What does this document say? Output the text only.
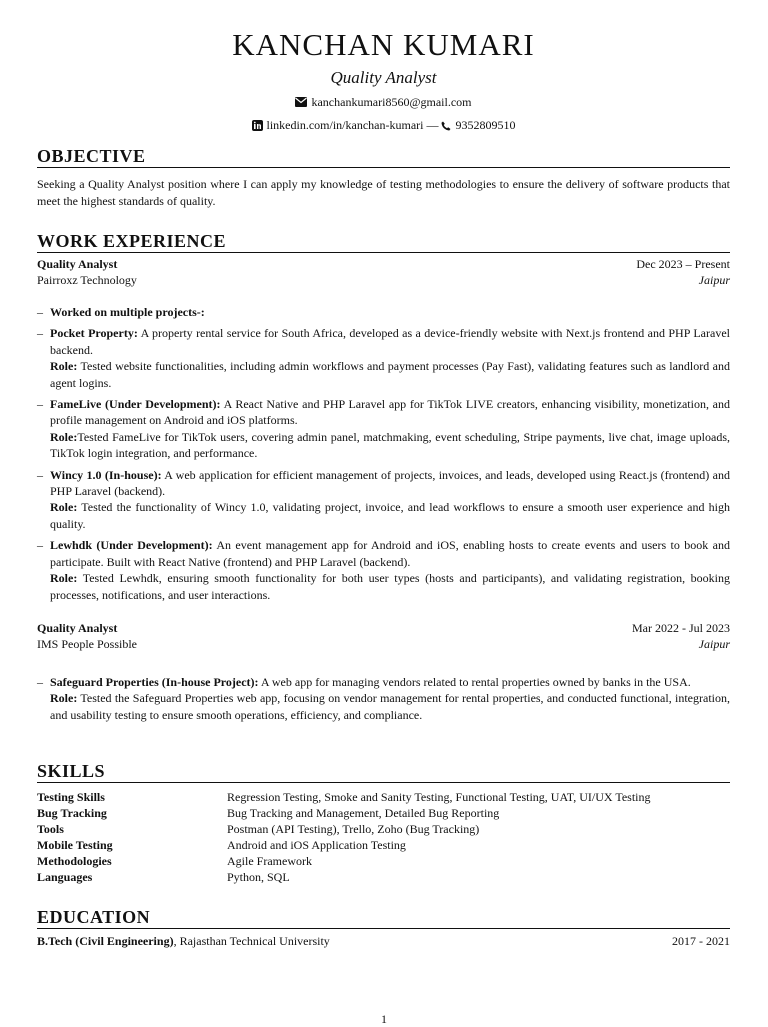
KANCHAN KUMARI
Quality Analyst
kanchankumari8560@gmail.com
linkedin.com/in/kanchan-kumari — 9352809510
OBJECTIVE

Seeking a Quality Analyst position where I can apply my knowledge of testing methodologies to ensure the delivery of software products that meet the highest standards of quality.

WORK EXPERIENCE
Quality Analyst	Dec 2023 – Present
Pairroxz Technology	Jaipur
– Worked on multiple projects-:
– Pocket Property: A property rental service for South Africa, developed as a device-friendly website with Next.js frontend and PHP Laravel backend.
Role: Tested website functionalities, including admin workflows and payment processes (Pay Fast), validating features such as landlord and agent logins.
– FameLive (Under Development): A React Native and PHP Laravel app for TikTok LIVE creators, enhancing visibility, monetization, and profile management on Android and iOS platforms.
Role:Tested FameLive for TikTok users, covering admin panel, matchmaking, event scheduling, Stripe payments, live chat, image uploads, TikTok login integration, and performance.
– Wincy 1.0 (In-house): A web application for efficient management of projects, invoices, and leads, developed using React.js (frontend) and PHP Laravel (backend).
Role: Tested the functionality of Wincy 1.0, validating project, invoice, and lead workflows to ensure a smooth user experience and high quality.
– Lewhdk (Under Development): An event management app for Android and iOS, enabling hosts to create events and users to book and participate. Built with React Native (frontend) and PHP Laravel (backend).
Role: Tested Lewhdk, ensuring smooth functionality for both user types (hosts and participants), and validating registration, booking processes, notifications, and user interactions.
Quality Analyst	Mar 2022 - Jul 2023
IMS People Possible	Jaipur
– Safeguard Properties (In-house Project): A web app for managing vendors related to rental properties owned by banks in the USA.
Role: Tested the Safeguard Properties web app, focusing on vendor management for rental properties, and conducted functional, integration, and usability testing to ensure smooth operations, efficiency, and compliance.
SKILLS
Testing Skills	Regression Testing, Smoke and Sanity Testing, Functional Testing, UAT, UI/UX Testing
Bug Tracking	Bug Tracking and Management, Detailed Bug Reporting
Tools	Postman (API Testing), Trello, Zoho (Bug Tracking)
Mobile Testing	Android and iOS Application Testing
Methodologies	Agile Framework
Languages	Python, SQL
EDUCATION
B.Tech (Civil Engineering), Rajasthan Technical University	2017 - 2021
1
